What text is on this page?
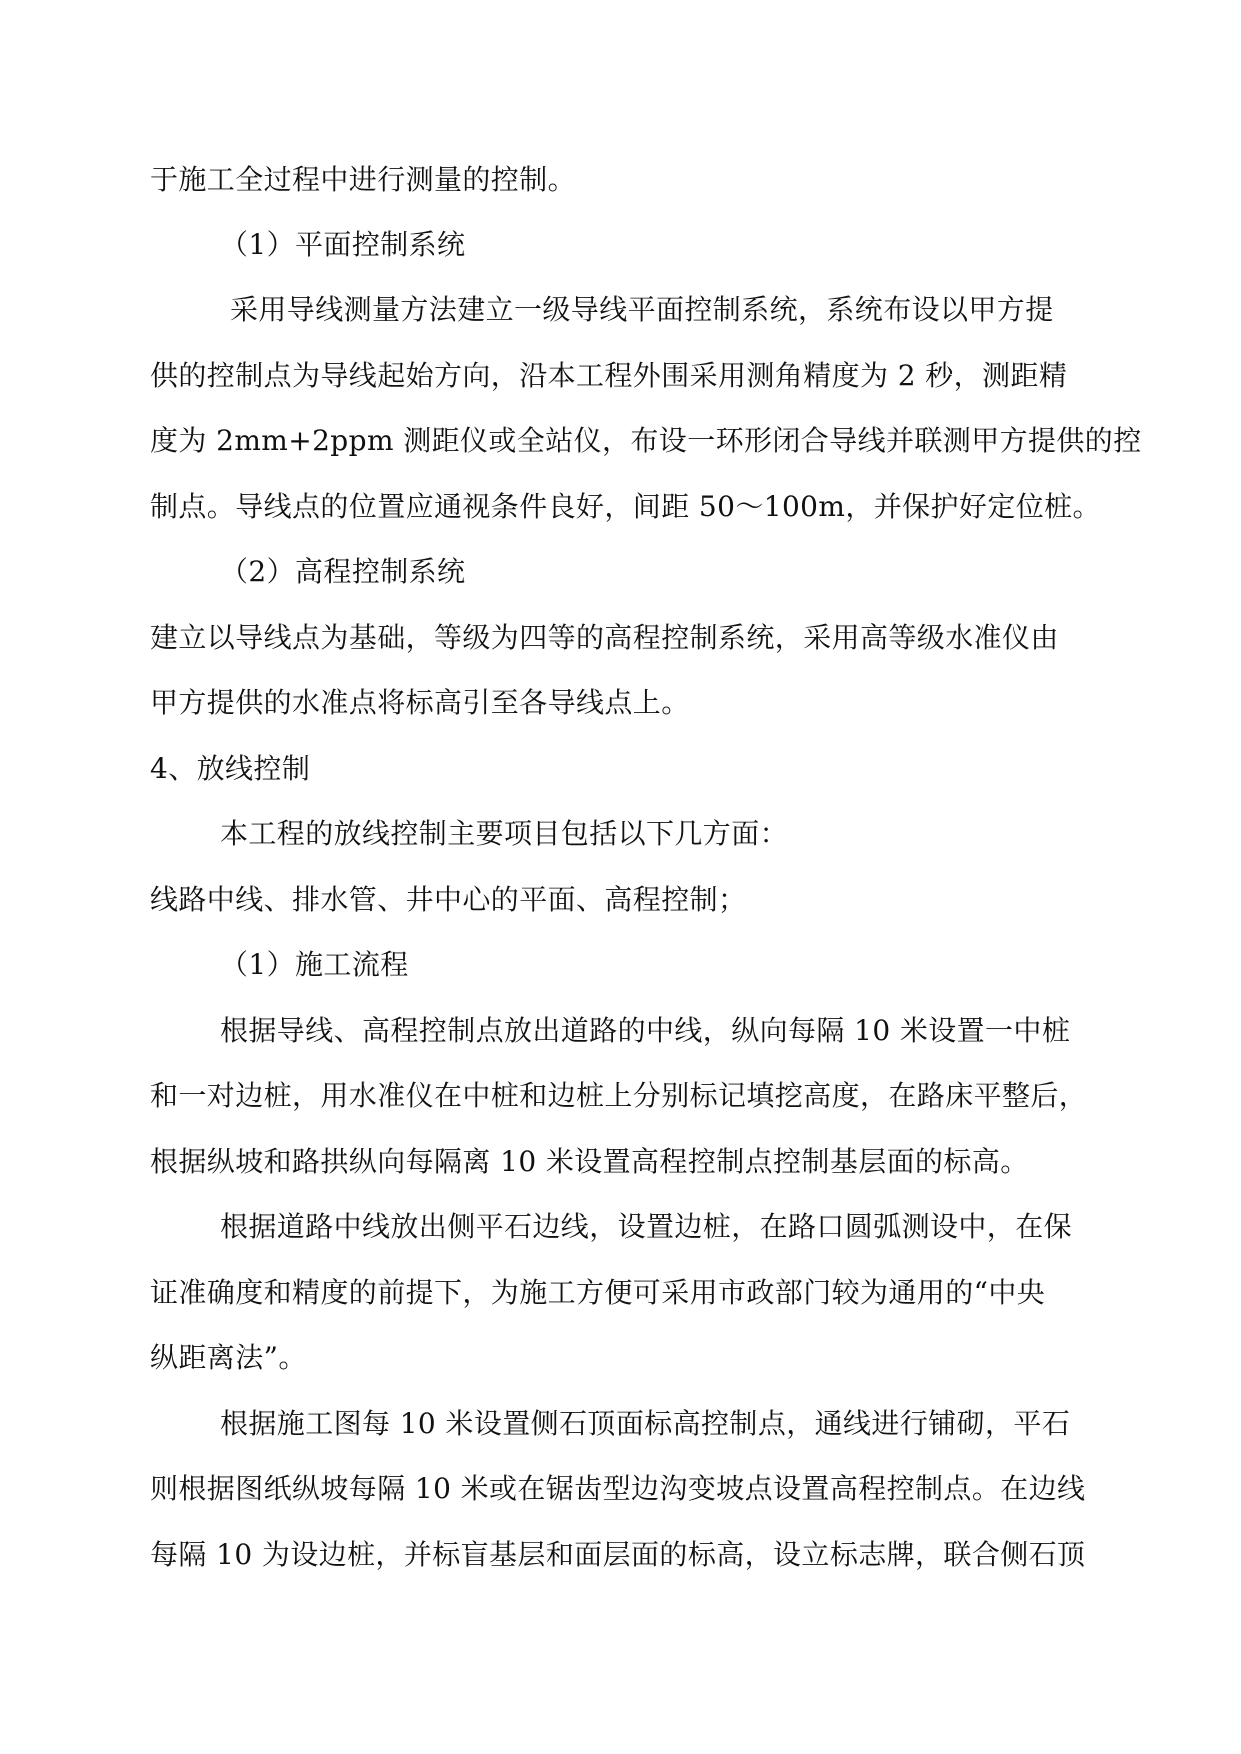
于施工全过程中进行测量的控制。
（1）平面控制系统
采用导线测量方法建立一级导线平面控制系统，系统布设以甲方提
供的控制点为导线起始方向，沿本工程外围采用测角精度为 2 秒，测距精
度为 2mm+2ppm 测距仪或全站仪，布设一环形闭合导线并联测甲方提供的控
制点。导线点的位置应通视条件良好，间距 50～100m，并保护好定位桩。
（2）高程控制系统
建立以导线点为基础，等级为四等的高程控制系统，采用高等级水准仪由
甲方提供的水准点将标高引至各导线点上。
4、放线控制
本工程的放线控制主要项目包括以下几方面：
线路中线、排水管、井中心的平面、高程控制；
（1）施工流程
根据导线、高程控制点放出道路的中线，纵向每隔 10 米设置一中桩
和一对边桩，用水准仪在中桩和边桩上分别标记填挖高度，在路床平整后，
根据纵坡和路拱纵向每隔离 10 米设置高程控制点控制基层面的标高。
根据道路中线放出侧平石边线，设置边桩，在路口圆弧测设中，在保
证准确度和精度的前提下，为施工方便可采用市政部门较为通用的“中央
纵距离法”。
根据施工图每 10 米设置侧石顶面标高控制点，通线进行铺砌，平石
则根据图纸纵坡每隔 10 米或在锯齿型边沟变坡点设置高程控制点。在边线
每隔 10 为设边桩，并标盲基层和面层面的标高，设立标志牌，联合侧石顶
